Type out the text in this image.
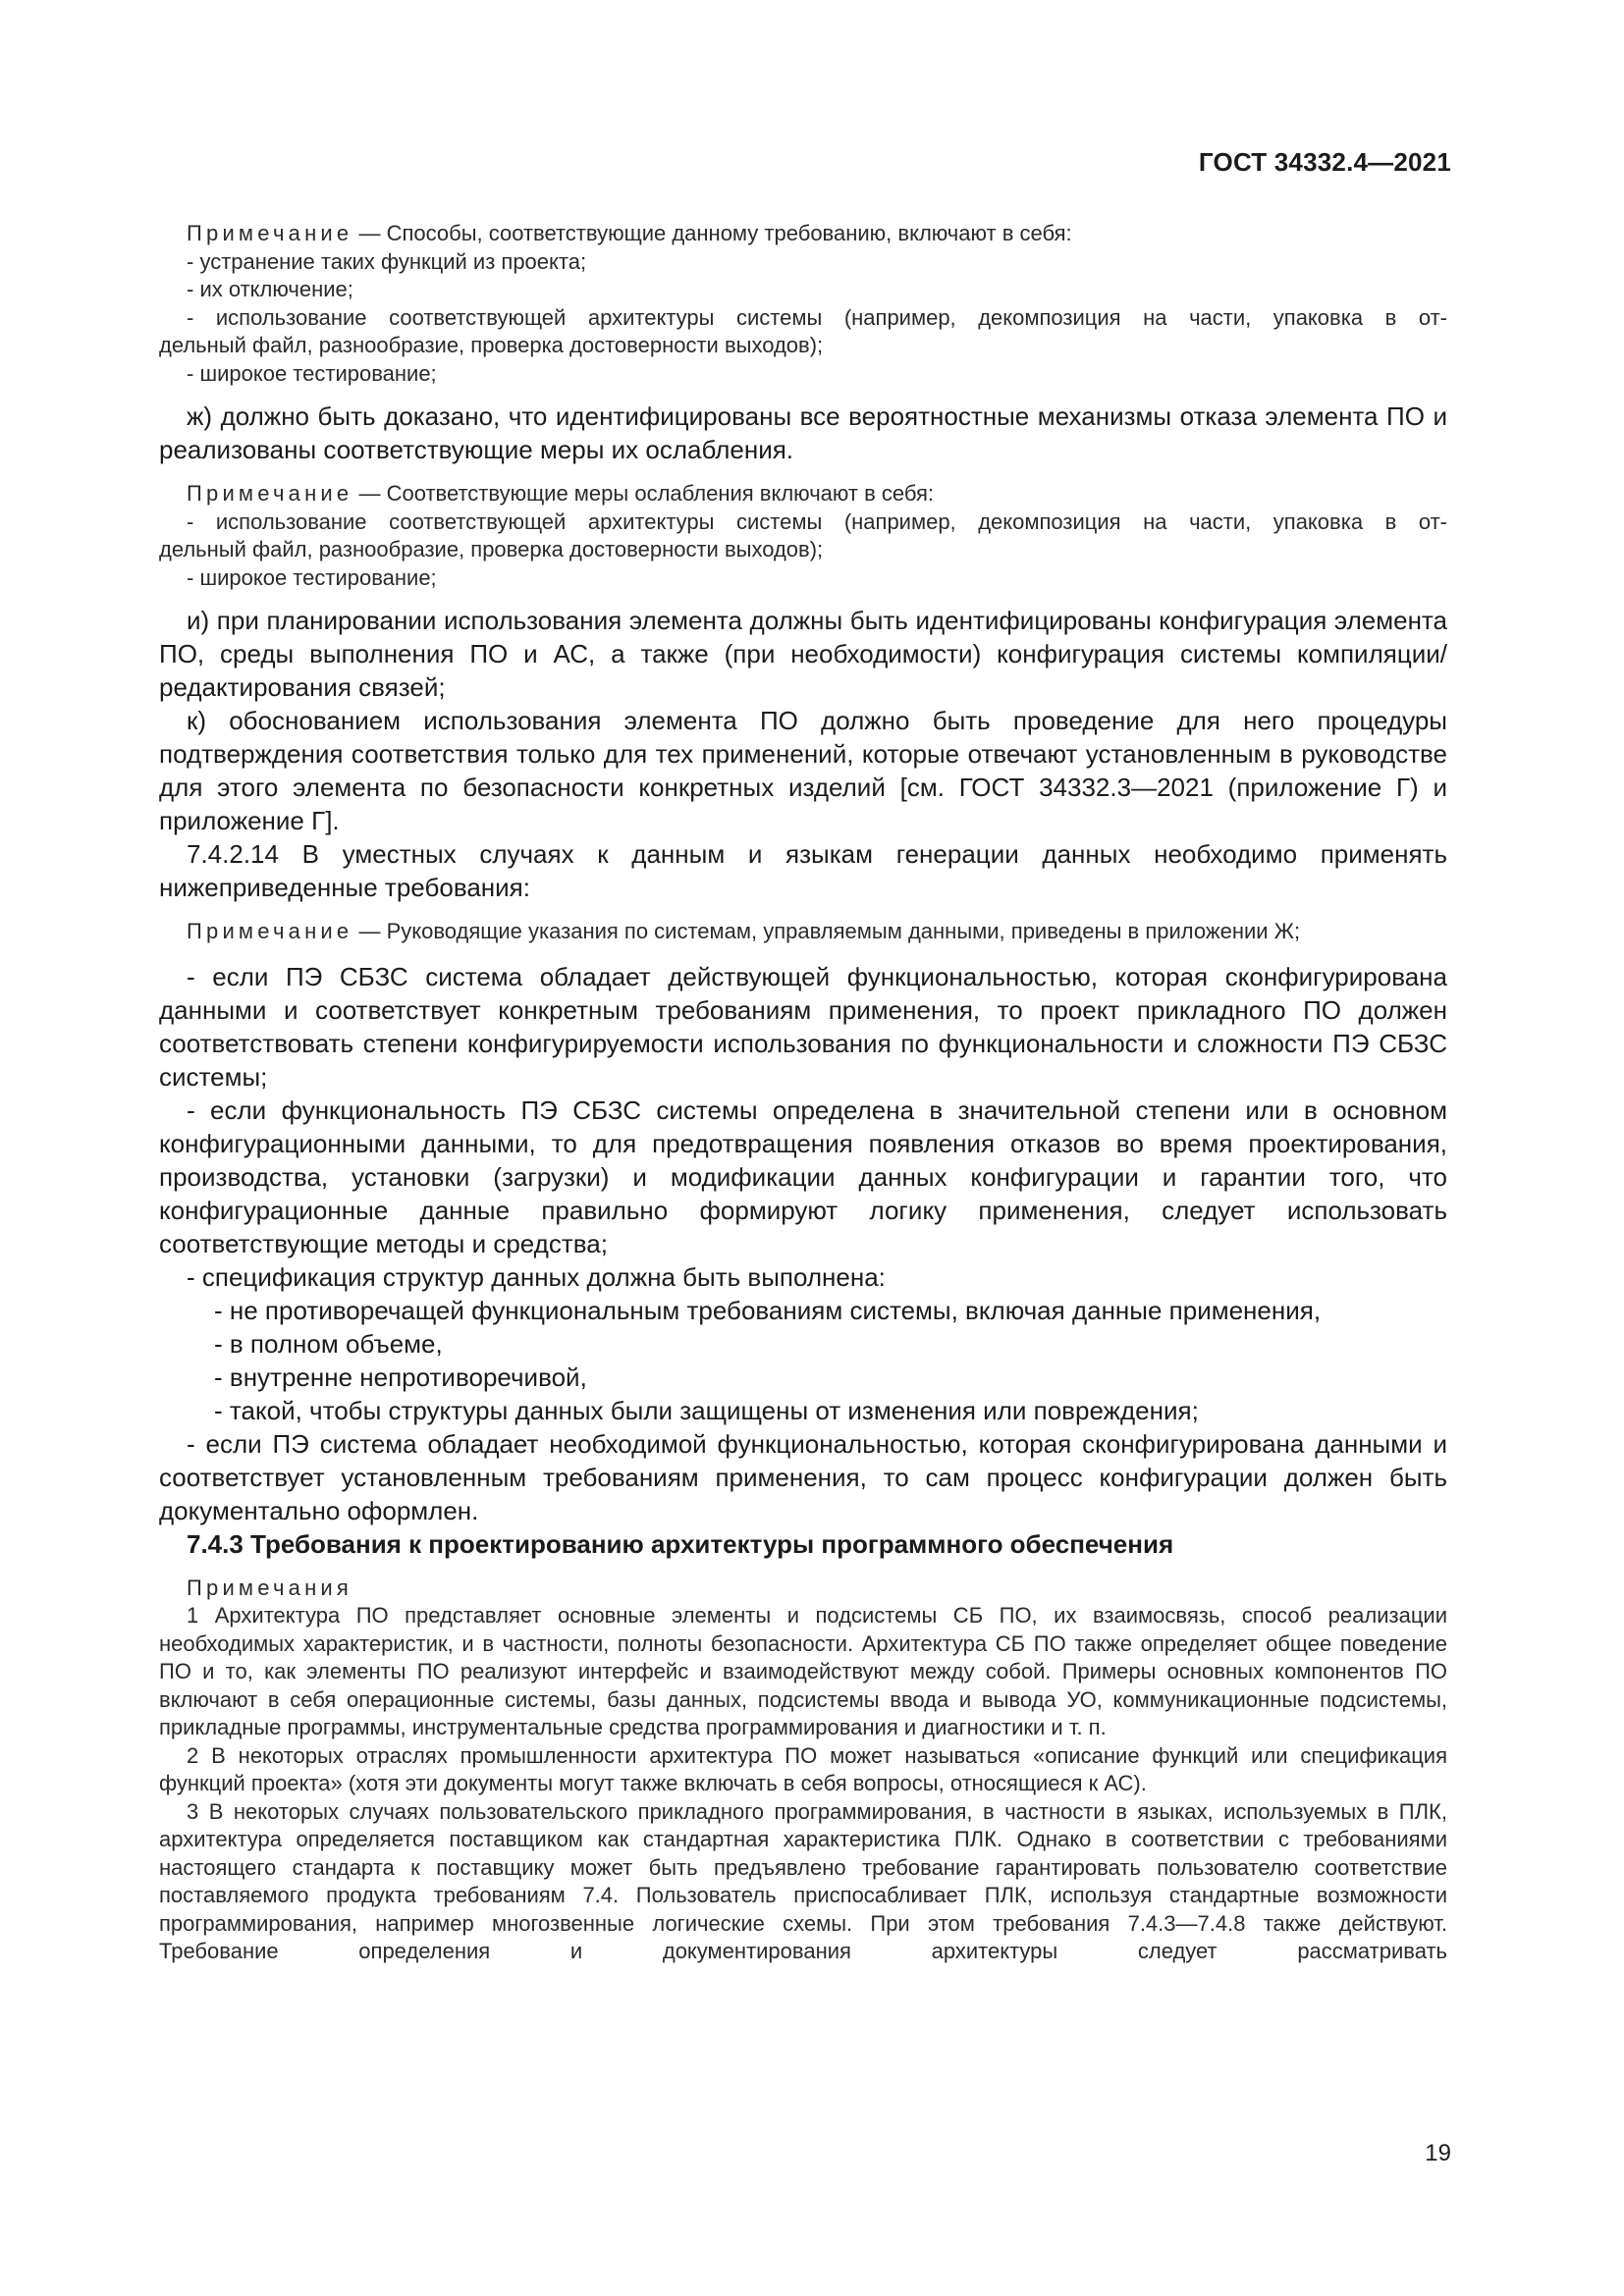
ГОСТ 34332.4—2021
Примечание — Способы, соответствующие данному требованию, включают в себя:
- устранение таких функций из проекта;
- их отключение;
- использование соответствующей архитектуры системы (например, декомпозиция на части, упаковка в от-
дельный файл, разнообразие, проверка достоверности выходов);
- широкое тестирование;
ж) должно быть доказано, что идентифицированы все вероятностные механизмы отказа элемента ПО и реализованы соответствующие меры их ослабления.
Примечание — Соответствующие меры ослабления включают в себя:
- использование соответствующей архитектуры системы (например, декомпозиция на части, упаковка в от-
дельный файл, разнообразие, проверка достоверности выходов);
- широкое тестирование;
и) при планировании использования элемента должны быть идентифицированы конфигурация элемента ПО, среды выполнения ПО и АС, а также (при необходимости) конфигурация системы компиляции/редактирования связей;
к) обоснованием использования элемента ПО должно быть проведение для него процедуры подтверждения соответствия только для тех применений, которые отвечают установленным в руководстве для этого элемента по безопасности конкретных изделий [см. ГОСТ 34332.3—2021 (приложение Г) и приложение Г].
7.4.2.14 В уместных случаях к данным и языкам генерации данных необходимо применять нижеприведенные требования:
Примечание — Руководящие указания по системам, управляемым данными, приведены в приложении Ж;
- если ПЭ СБЗС система обладает действующей функциональностью, которая сконфигурирована данными и соответствует конкретным требованиям применения, то проект прикладного ПО должен соответствовать степени конфигурируемости использования по функциональности и сложности ПЭ СБЗС системы;
- если функциональность ПЭ СБЗС системы определена в значительной степени или в основном конфигурационными данными, то для предотвращения появления отказов во время проектирования, производства, установки (загрузки) и модификации данных конфигурации и гарантии того, что конфигурационные данные правильно формируют логику применения, следует использовать соответствующие методы и средства;
- спецификация структур данных должна быть выполнена:
- не противоречащей функциональным требованиям системы, включая данные применения,
- в полном объеме,
- внутренне непротиворечивой,
- такой, чтобы структуры данных были защищены от изменения или повреждения;
- если ПЭ система обладает необходимой функциональностью, которая сконфигурирована данными и соответствует установленным требованиям применения, то сам процесс конфигурации должен быть документально оформлен.
7.4.3 Требования к проектированию архитектуры программного обеспечения
Примечания
1 Архитектура ПО представляет основные элементы и подсистемы СБ ПО, их взаимосвязь, способ реализации необходимых характеристик, и в частности, полноты безопасности. Архитектура СБ ПО также определяет общее поведение ПО и то, как элементы ПО реализуют интерфейс и взаимодействуют между собой. Примеры основных компонентов ПО включают в себя операционные системы, базы данных, подсистемы ввода и вывода УО, коммуникационные подсистемы, прикладные программы, инструментальные средства программирования и диагностики и т. п.
2 В некоторых отраслях промышленности архитектура ПО может называться «описание функций или спецификация функций проекта» (хотя эти документы могут также включать в себя вопросы, относящиеся к АС).
3 В некоторых случаях пользовательского прикладного программирования, в частности в языках, используемых в ПЛК, архитектура определяется поставщиком как стандартная характеристика ПЛК. Однако в соответствии с требованиями настоящего стандарта к поставщику может быть предъявлено требование гарантировать пользователю соответствие поставляемого продукта требованиям 7.4. Пользователь приспосабливает ПЛК, используя стандартные возможности программирования, например многозвенные логические схемы. При этом требования 7.4.3—7.4.8 также действуют. Требование определения и документирования архитектуры следует рассматривать
19
